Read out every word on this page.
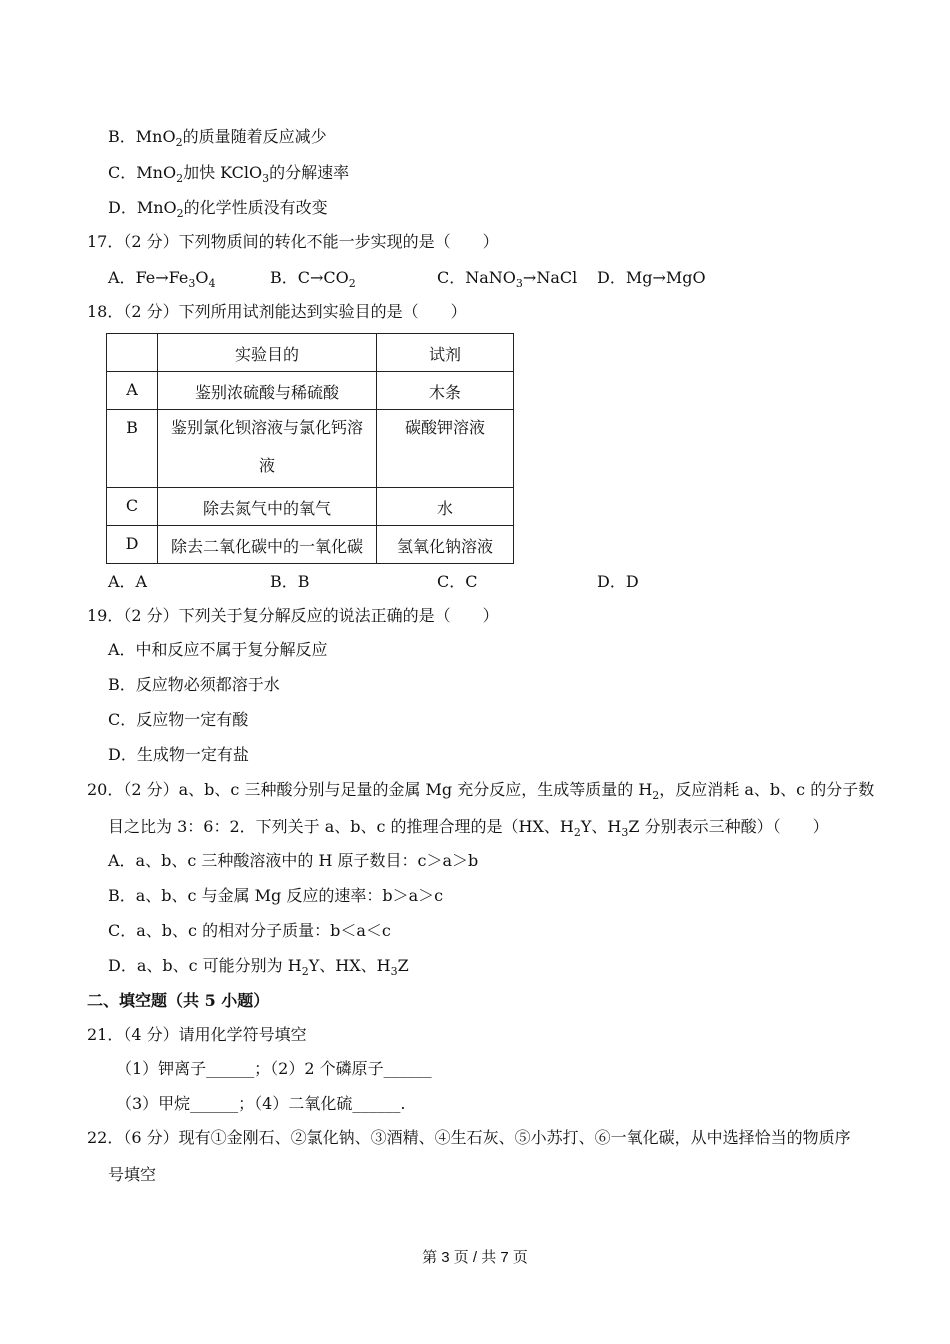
B．MnO$_2$的质量随着反应减少
C．MnO$_2$加快 KClO$_3$的分解速率
D．MnO$_2$的化学性质没有改变
17．（2 分）下列物质间的转化不能一步实现的是（　　）
A．$Fe\to Fe_3O_4$	B．$C\to CO_2$	C．NaNO$_3$→NaCl D．Mg→MgO
18．（2 分）下列所用试剂能达到实验目的是（　　）
	实验目的	试剂
A	鉴别浓硫酸与稀硫酸	木条

B	鉴别氯化钡溶液与氯化钙溶
液	碳酸钾溶液

C	除去氮气中的氧气	水
D	除去二氧化碳中的一氧化碳	氢氧化钠溶液
A．A	B．B	C．C	D．D
19．（2 分）下列关于复分解反应的说法正确的是（　　）
A．中和反应不属于复分解反应
B．反应物必须都溶于水
C．反应物一定有酸
D．生成物一定有盐
20．（2 分）a、b、c 三种酸分别与足量的金属 Mg 充分反应，生成等质量的 $H_2$，反应消耗 a、b、c 的分子数
目之比为 3：6：2．下列关于 a、b、c 的推理合理的是（HX、$H_2Y$、$H_3Z$ 分别表示三种酸）（　　）
A．a、b、c 三种酸溶液中的 H 原子数目：c＞a＞b
B．a、b、c 与金属 Mg 反应的速率：b＞a＞c
C．a、b、c 的相对分子质量：b＜a＜c
D．a、b、c 可能分别为 $H_2Y$、HX、$H_3Z$
二、填空题（共 5 小题）
21．（4 分）请用化学符号填空
（1）钾离子______；（2）2 个磷原子______
（3）甲烷______；（4）二氧化硫______.
22．（6 分）现有①金刚石、②氯化钠、③酒精、④生石灰、⑤小苏打、⑥一氧化碳，从中选择恰当的物质序
号填空
第 3 页 / 共 7 页
